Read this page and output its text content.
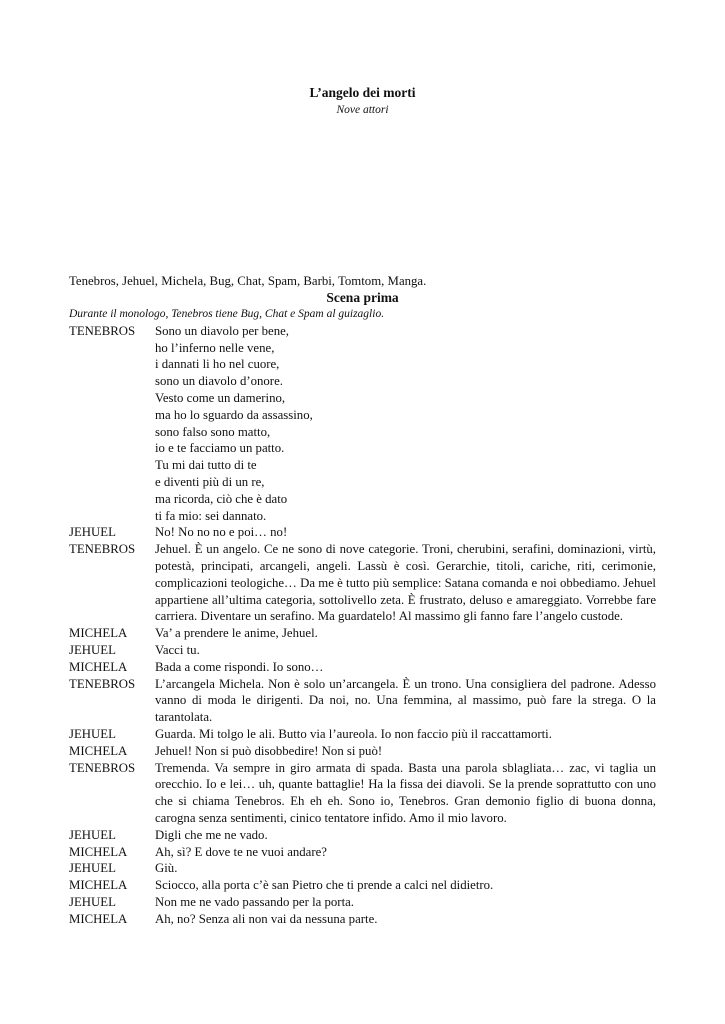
L’angelo dei morti

Nove attori

Tenebros, Jehuel, Michela, Bug, Chat, Spam, Barbi, Tomtom, Manga.

Scena prima

Durante il monologo, Tenebros tiene Bug, Chat e Spam al guizaglio.

TENEBROS	Sono un diavolo per bene,
ho l’inferno nelle vene,
i dannati li ho nel cuore,
sono un diavolo d’onore.
Vesto come un damerino,
ma ho lo sguardo da assassino,
sono falso sono matto,
io e te facciamo un patto.
Tu mi dai tutto di te
e diventi più di un re,
ma ricorda, ciò che è dato
ti fa mio: sei dannato.
JEHUEL	No! No no no e poi… no!
TENEBROS	Jehuel. È un angelo. Ce ne sono di nove categorie. Troni, cherubini, serafini, dominazioni, virtù, potestà, principati, arcangeli, angeli. Lassù è così. Gerarchie, titoli, cariche, riti, cerimonie, complicazioni teologiche… Da me è tutto più semplice: Satana comanda e noi obbediamo. Jehuel appartiene all’ultima categoria, sottolivello zeta. È frustrato, deluso e amareggiato. Vorrebbe fare carriera. Diventare un serafino. Ma guardatelo! Al massimo gli fanno fare l’angelo custode.
MICHELA	Va’ a prendere le anime, Jehuel.
JEHUEL	Vacci tu.
MICHELA	Bada a come rispondi. Io sono…
TENEBROS	L’arcangela Michela. Non è solo un’arcangela. È un trono. Una consigliera del padrone. Adesso vanno di moda le dirigenti. Da noi, no. Una femmina, al massimo, può fare la strega. O la tarantolata.
JEHUEL	Guarda. Mi tolgo le ali. Butto via l’aureola. Io non faccio più il raccattamorti.
MICHELA	Jehuel! Non si può disobbedire! Non si può!
TENEBROS	Tremenda. Va sempre in giro armata di spada. Basta una parola sblagliata… zac, vi taglia un orecchio. Io e lei… uh, quante battaglie! Ha la fissa dei diavoli. Se la prende soprattutto con uno che si chiama Tenebros. Eh eh eh. Sono io, Tenebros. Gran demonio figlio di buona donna, carogna senza sentimenti, cinico tentatore infido. Amo il mio lavoro.
JEHUEL	Digli che me ne vado.
MICHELA	Ah, sì? E dove te ne vuoi andare?
JEHUEL	Giù.
MICHELA	Sciocco, alla porta c’è san Pietro che ti prende a calci nel didietro.
JEHUEL	Non me ne vado passando per la porta.
MICHELA	Ah, no? Senza ali non vai da nessuna parte.
